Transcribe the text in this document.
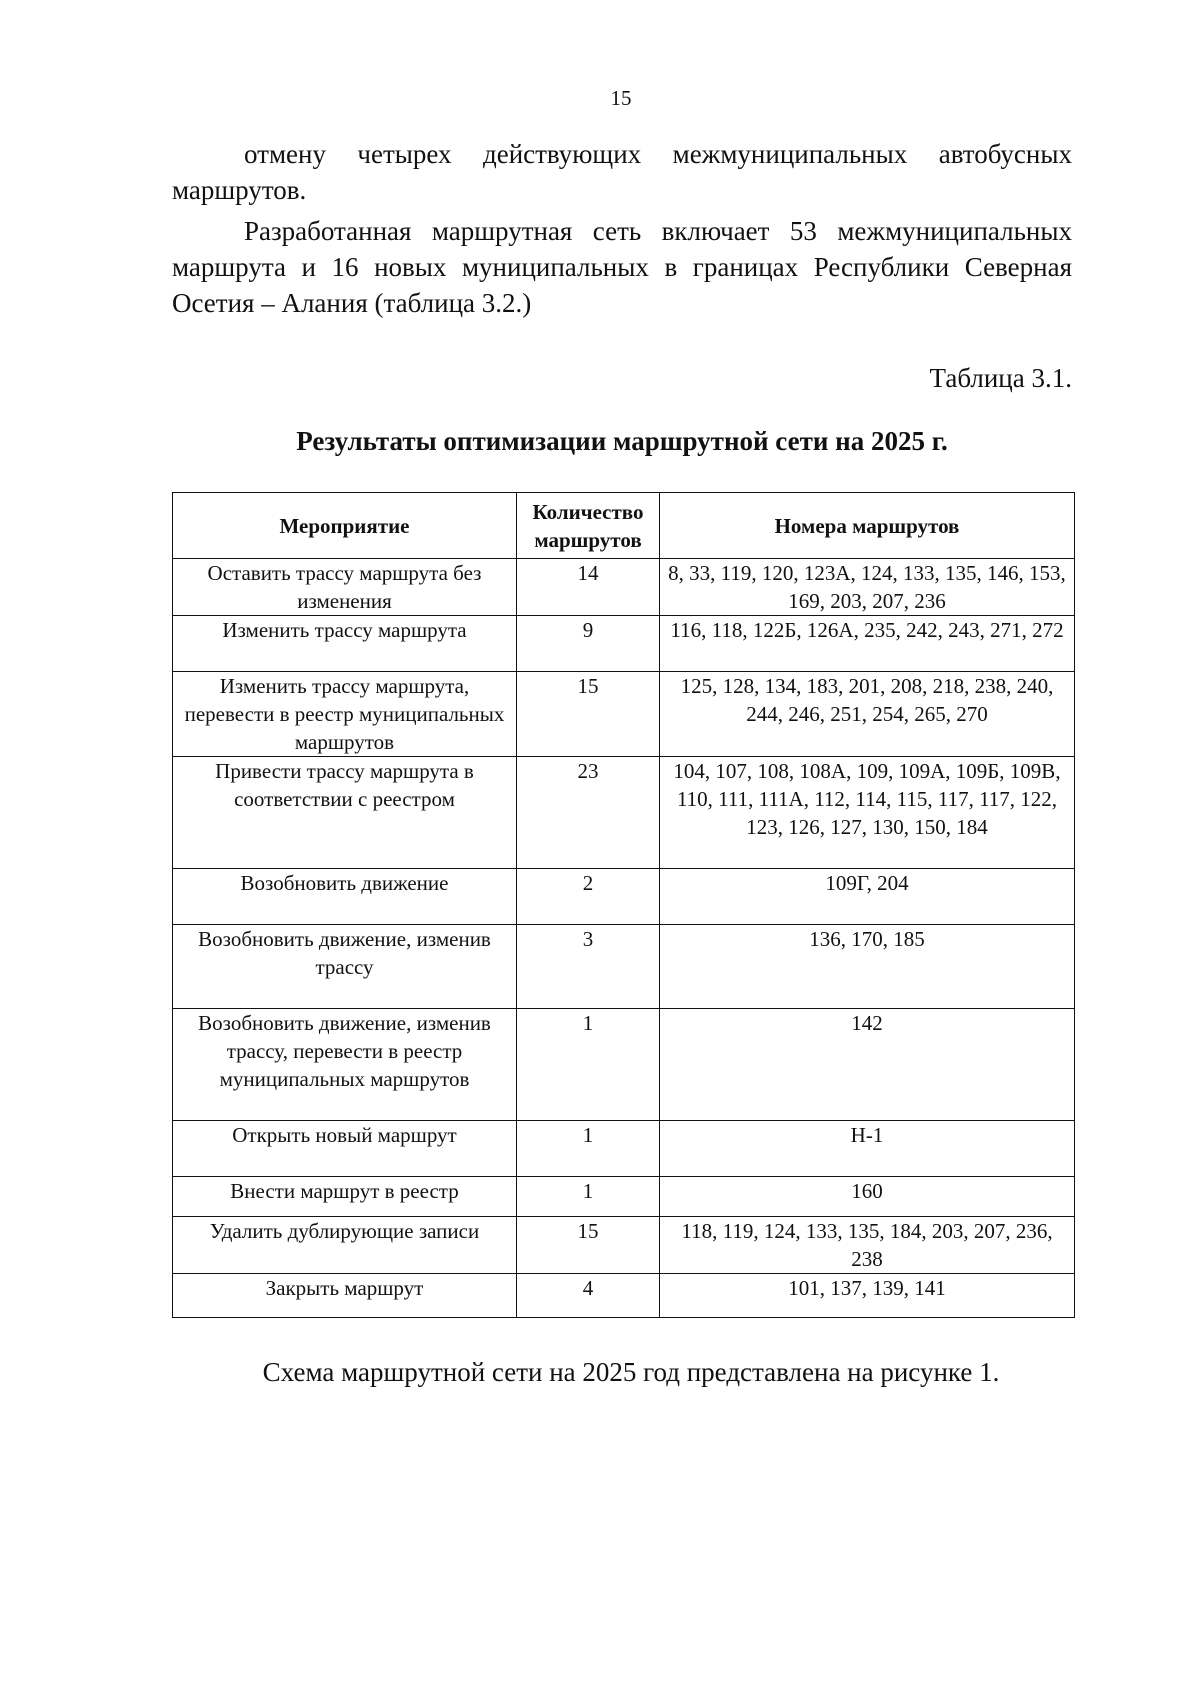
15

отмену четырех действующих межмуниципальных автобусных маршрутов.

Разработанная маршрутная сеть включает 53 межмуниципальных маршрута и 16 новых муниципальных в границах Республики Северная Осетия – Алания (таблица 3.2.)

Таблица 3.1.
Результаты оптимизации маршрутной сети на 2025 г.
Мероприятие	Количество маршрутов	Номера маршрутов
Оставить трассу маршрута без изменения	14	8, 33, 119, 120, 123А, 124, 133, 135, 146, 153, 169, 203, 207, 236
Изменить трассу маршрута	9	116, 118, 122Б, 126А, 235, 242, 243, 271, 272
Изменить трассу маршрута, перевести в реестр муниципальных маршрутов	15	125, 128, 134, 183, 201, 208, 218, 238, 240, 244, 246, 251, 254, 265, 270
Привести трассу маршрута в соответствии с реестром	23	104, 107, 108, 108А, 109, 109А, 109Б, 109В, 110, 111, 111А, 112, 114, 115, 117, 117, 122, 123, 126, 127, 130, 150, 184
Возобновить движение	2	109Г, 204
Возобновить движение, изменив трассу	3	136, 170, 185
Возобновить движение, изменив трассу, перевести в реестр муниципальных маршрутов	1	142
Открыть новый маршрут	1	Н-1
Внести маршрут в реестр	1	160
Удалить дублирующие записи	15	118, 119, 124, 133, 135, 184, 203, 207, 236, 238
Закрыть маршрут	4	101, 137, 139, 141
Схема маршрутной сети на 2025 год представлена на рисунке 1.
